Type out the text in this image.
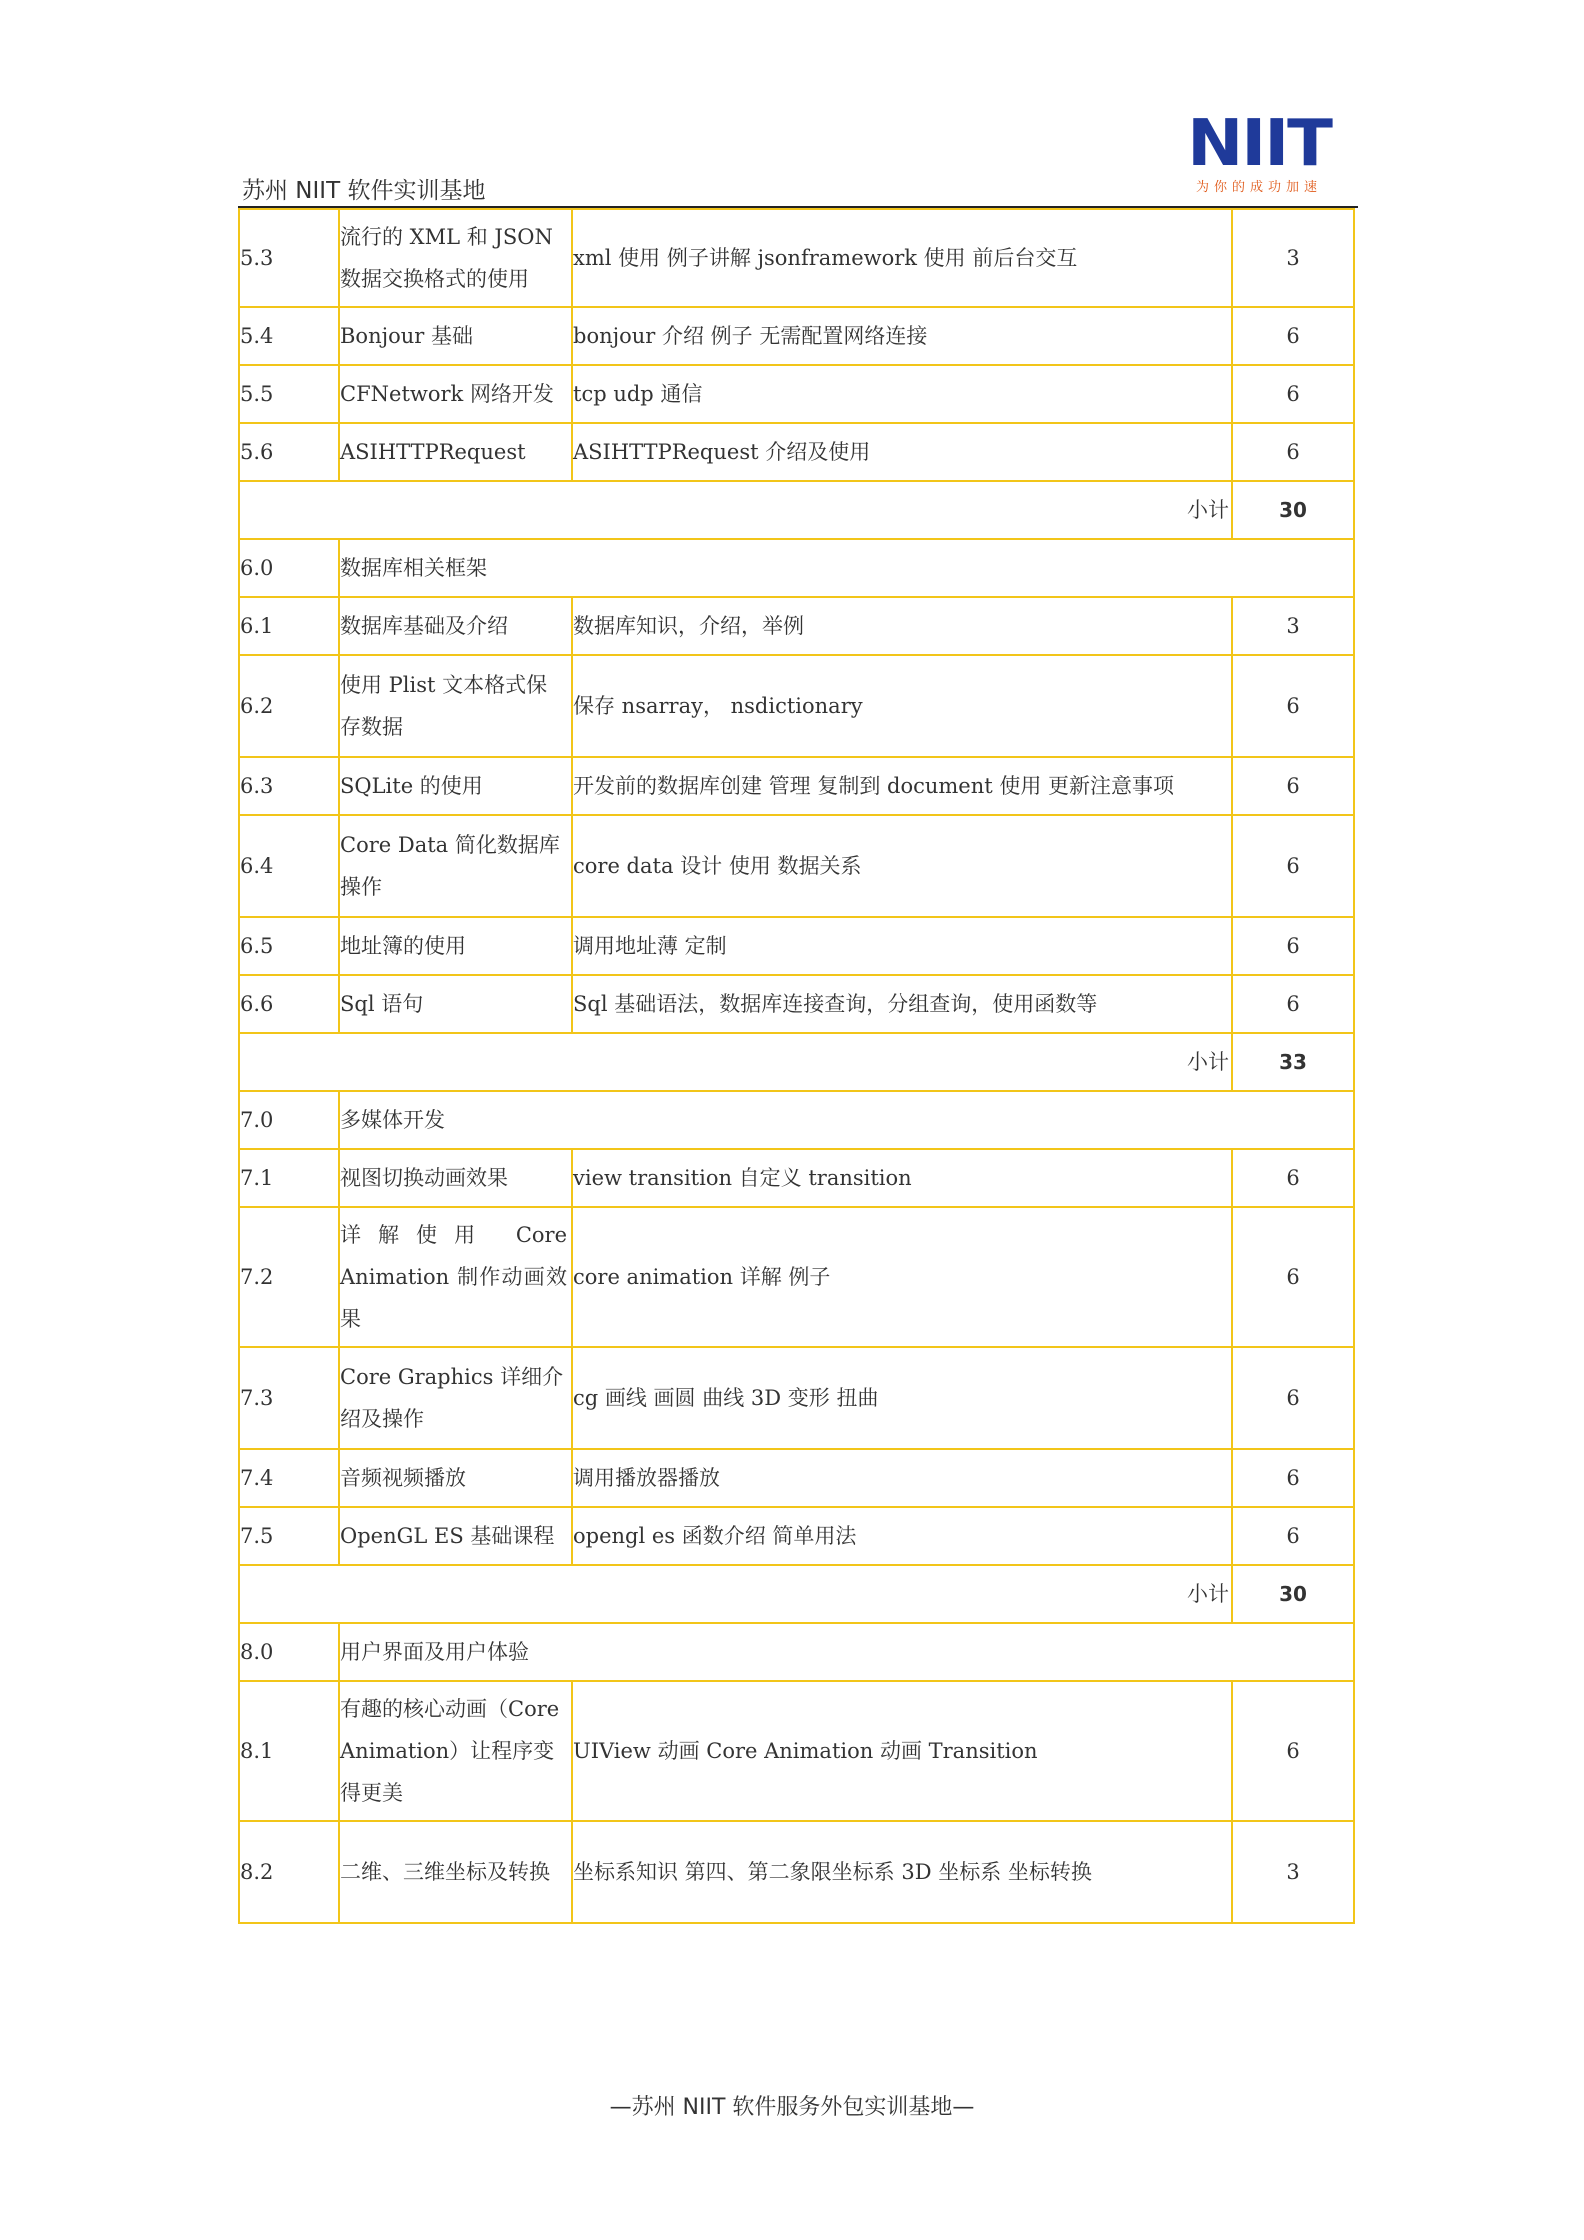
苏州 NIIT 软件实训基地
NIIT
为你的成功加速
5.3	流行的 XML 和 JSON 数据交换格式的使用	xml 使用 例子讲解 jsonframework 使用 前后台交互	3
5.4	Bonjour 基础	bonjour 介绍 例子 无需配置网络连接	6
5.5	CFNetwork 网络开发	tcp udp 通信	6
5.6	ASIHTTPRequest	ASIHTTPRequest 介绍及使用	6
小计			30
6.0	数据库相关框架		
6.1	数据库基础及介绍	数据库知识，介绍，举例	3
6.2	使用 Plist 文本格式保存数据	保存 nsarray， nsdictionary	6
6.3	SQLite 的使用	开发前的数据库创建 管理 复制到 document 使用 更新注意事项	6
6.4	Core Data 简化数据库操作	core data 设计 使用 数据关系	6
6.5	地址簿的使用	调用地址薄 定制	6
6.6	Sql 语句	Sql 基础语法，数据库连接查询，分组查询，使用函数等	6
小计			33
7.0	多媒体开发		
7.1	视图切换动画效果	view transition 自定义 transition	6
7.2	详解使用 Core Animation 制作动画效果	core animation 详解 例子	6
7.3	Core Graphics 详细介绍及操作	cg 画线 画圆 曲线 3D 变形 扭曲	6
7.4	音频视频播放	调用播放器播放	6
7.5	OpenGL ES 基础课程	opengl es 函数介绍 简单用法	6
小计			30
8.0	用户界面及用户体验		
8.1	有趣的核心动画（Core Animation）让程序变得更美	UIView 动画 Core Animation 动画 Transition	6
8.2	二维、三维坐标及转换	坐标系知识 第四、第二象限坐标系 3D 坐标系 坐标转换	3
—苏州 NIIT 软件服务外包实训基地—
